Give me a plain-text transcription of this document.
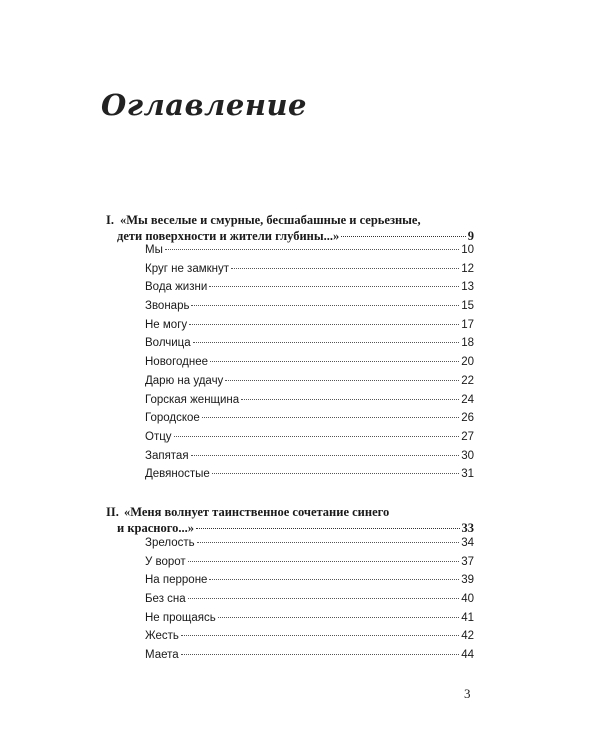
Оглавление
I. «Мы веселые и смурные, бесшабашные и серьезные,
дети поверхности и жители глубины...»	9
Мы	10
Круг не замкнут	12
Вода жизни	13
Звонарь	15
Не могу	17
Волчица	18
Новогоднее	20
Дарю на удачу	22
Горская женщина	24
Городское	26
Отцу	27
Запятая	30
Девяностые	31
II. «Меня волнует таинственное сочетание синего
и красного...»	33
Зрелость	34
У ворот	37
На перроне	39
Без сна	40
Не прощаясь	41
Жесть	42
Маета	44
3
